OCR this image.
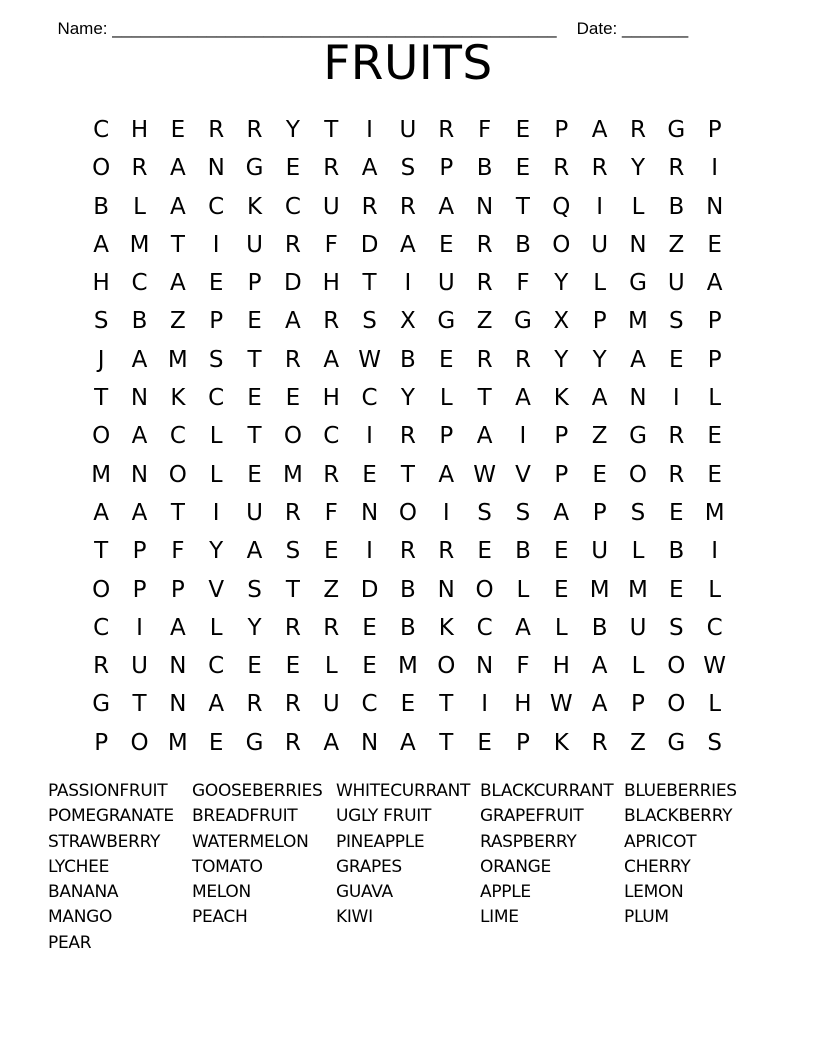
Name: _______________________________________________ Date: _______

FRUITS
C H E	R R	Y	T	I	U R	F	E	P	A R G P
O R A N G E	R A	S	P	B	E	R R	Y	R	I
B	L	A C K C U R R A N T Q	I	L	B N
A M T	I	U R	F D A	E	R B O U N Z	E
H C A	E	P D H T	I	U R	F	Y	L	G U A
S	B Z	P	E	A R	S	X G Z G X	P M S	P
J	A M S	T	R A W B	E	R R	Y	Y	A	E	P
T N K C	E	E H C	Y	L	T	A K A N	I	L
O A C	L	T O C	I	R	P	A	I	P	Z G R	E
M N O L	E M R	E	T	A W V	P	E O R	E
A A	T	I	U R	F	N O	I	S	S	A	P	S	E M
T	P	F	Y	A	S	E	I	R R	E	B	E U	L	B	I
O P	P	V	S	T	Z D B N O L	E M M E	L
C	I	A	L	Y	R R	E	B K C A	L	B U S	C
R U N C	E	E	L	E M O N	F	H A	L O W
G T N A R R U C	E	T	I	H W A	P O L
P O M E G R A N A	T	E	P	K R Z G S
PASSIONFRUIT	GOOSEBERRIES WHITECURRANT BLACKCURRANT BLUEBERRIES
POMEGRANATE	BREADFRUIT	UGLY FRUIT	GRAPEFRUIT	BLACKBERRY
STRAWBERRY	WATERMELON	PINEAPPLE	RASPBERRY	APRICOT
LYCHEE	TOMATO	GRAPES	ORANGE	CHERRY
BANANA	MELON	GUAVA	APPLE	LEMON
MANGO	PEACH	KIWI	LIME	PLUM
PEAR
